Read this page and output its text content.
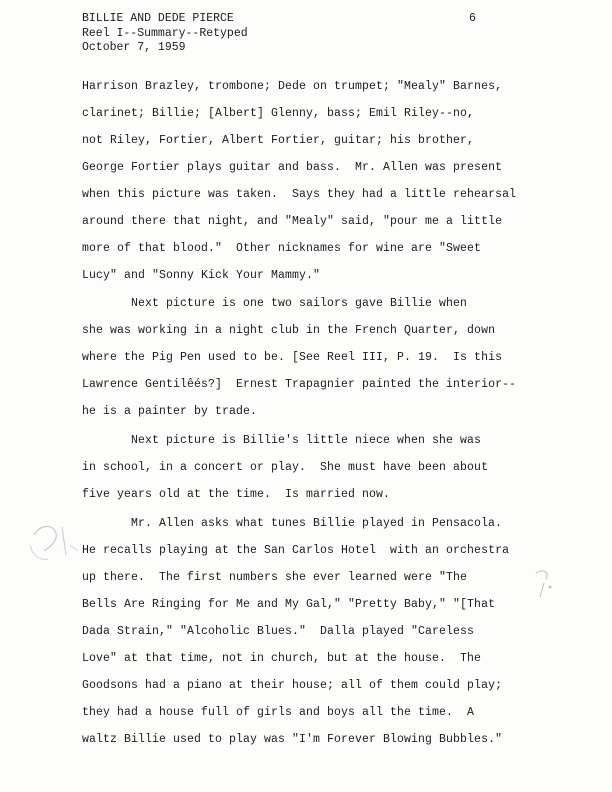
BILLIE AND DEDE PIERCE
Reel I--Summary--Retyped
October 7, 1959
6
Harrison Brazley, trombone; Dede on trumpet; "Mealy" Barnes,
clarinet; Billie; [Albert] Glenny, bass; Emil Riley--no,
not Riley, Fortier, Albert Fortier, guitar; his brother,
George Fortier plays guitar and bass.  Mr. Allen was present
when this picture was taken.  Says they had a little rehearsal
around there that night, and "Mealy" said, "pour me a little
more of that blood."  Other nicknames for wine are "Sweet
Lucy" and "Sonny Kick Your Mammy."
Next picture is one two sailors gave Billie when
she was working in a night club in the French Quarter, down
where the Pig Pen used to be. [See Reel III, P. 19.  Is this
Lawrence Gentilêés?]  Ernest Trapagnier painted the interior--
he is a painter by trade.
Next picture is Billie's little niece when she was
in school, in a concert or play.  She must have been about
five years old at the time.  Is married now.
Mr. Allen asks what tunes Billie played in Pensacola.
He recalls playing at the San Carlos Hotel  with an orchestra
up there.  The first numbers she ever learned were "The
Bells Are Ringing for Me and My Gal," "Pretty Baby," "[That
Dada Strain," "Alcoholic Blues."  Dalla played "Careless
Love" at that time, not in church, but at the house.  The
Goodsons had a piano at their house; all of them could play;
they had a house full of girls and boys all the time.  A
waltz Billie used to play was "I'm Forever Blowing Bubbles."
